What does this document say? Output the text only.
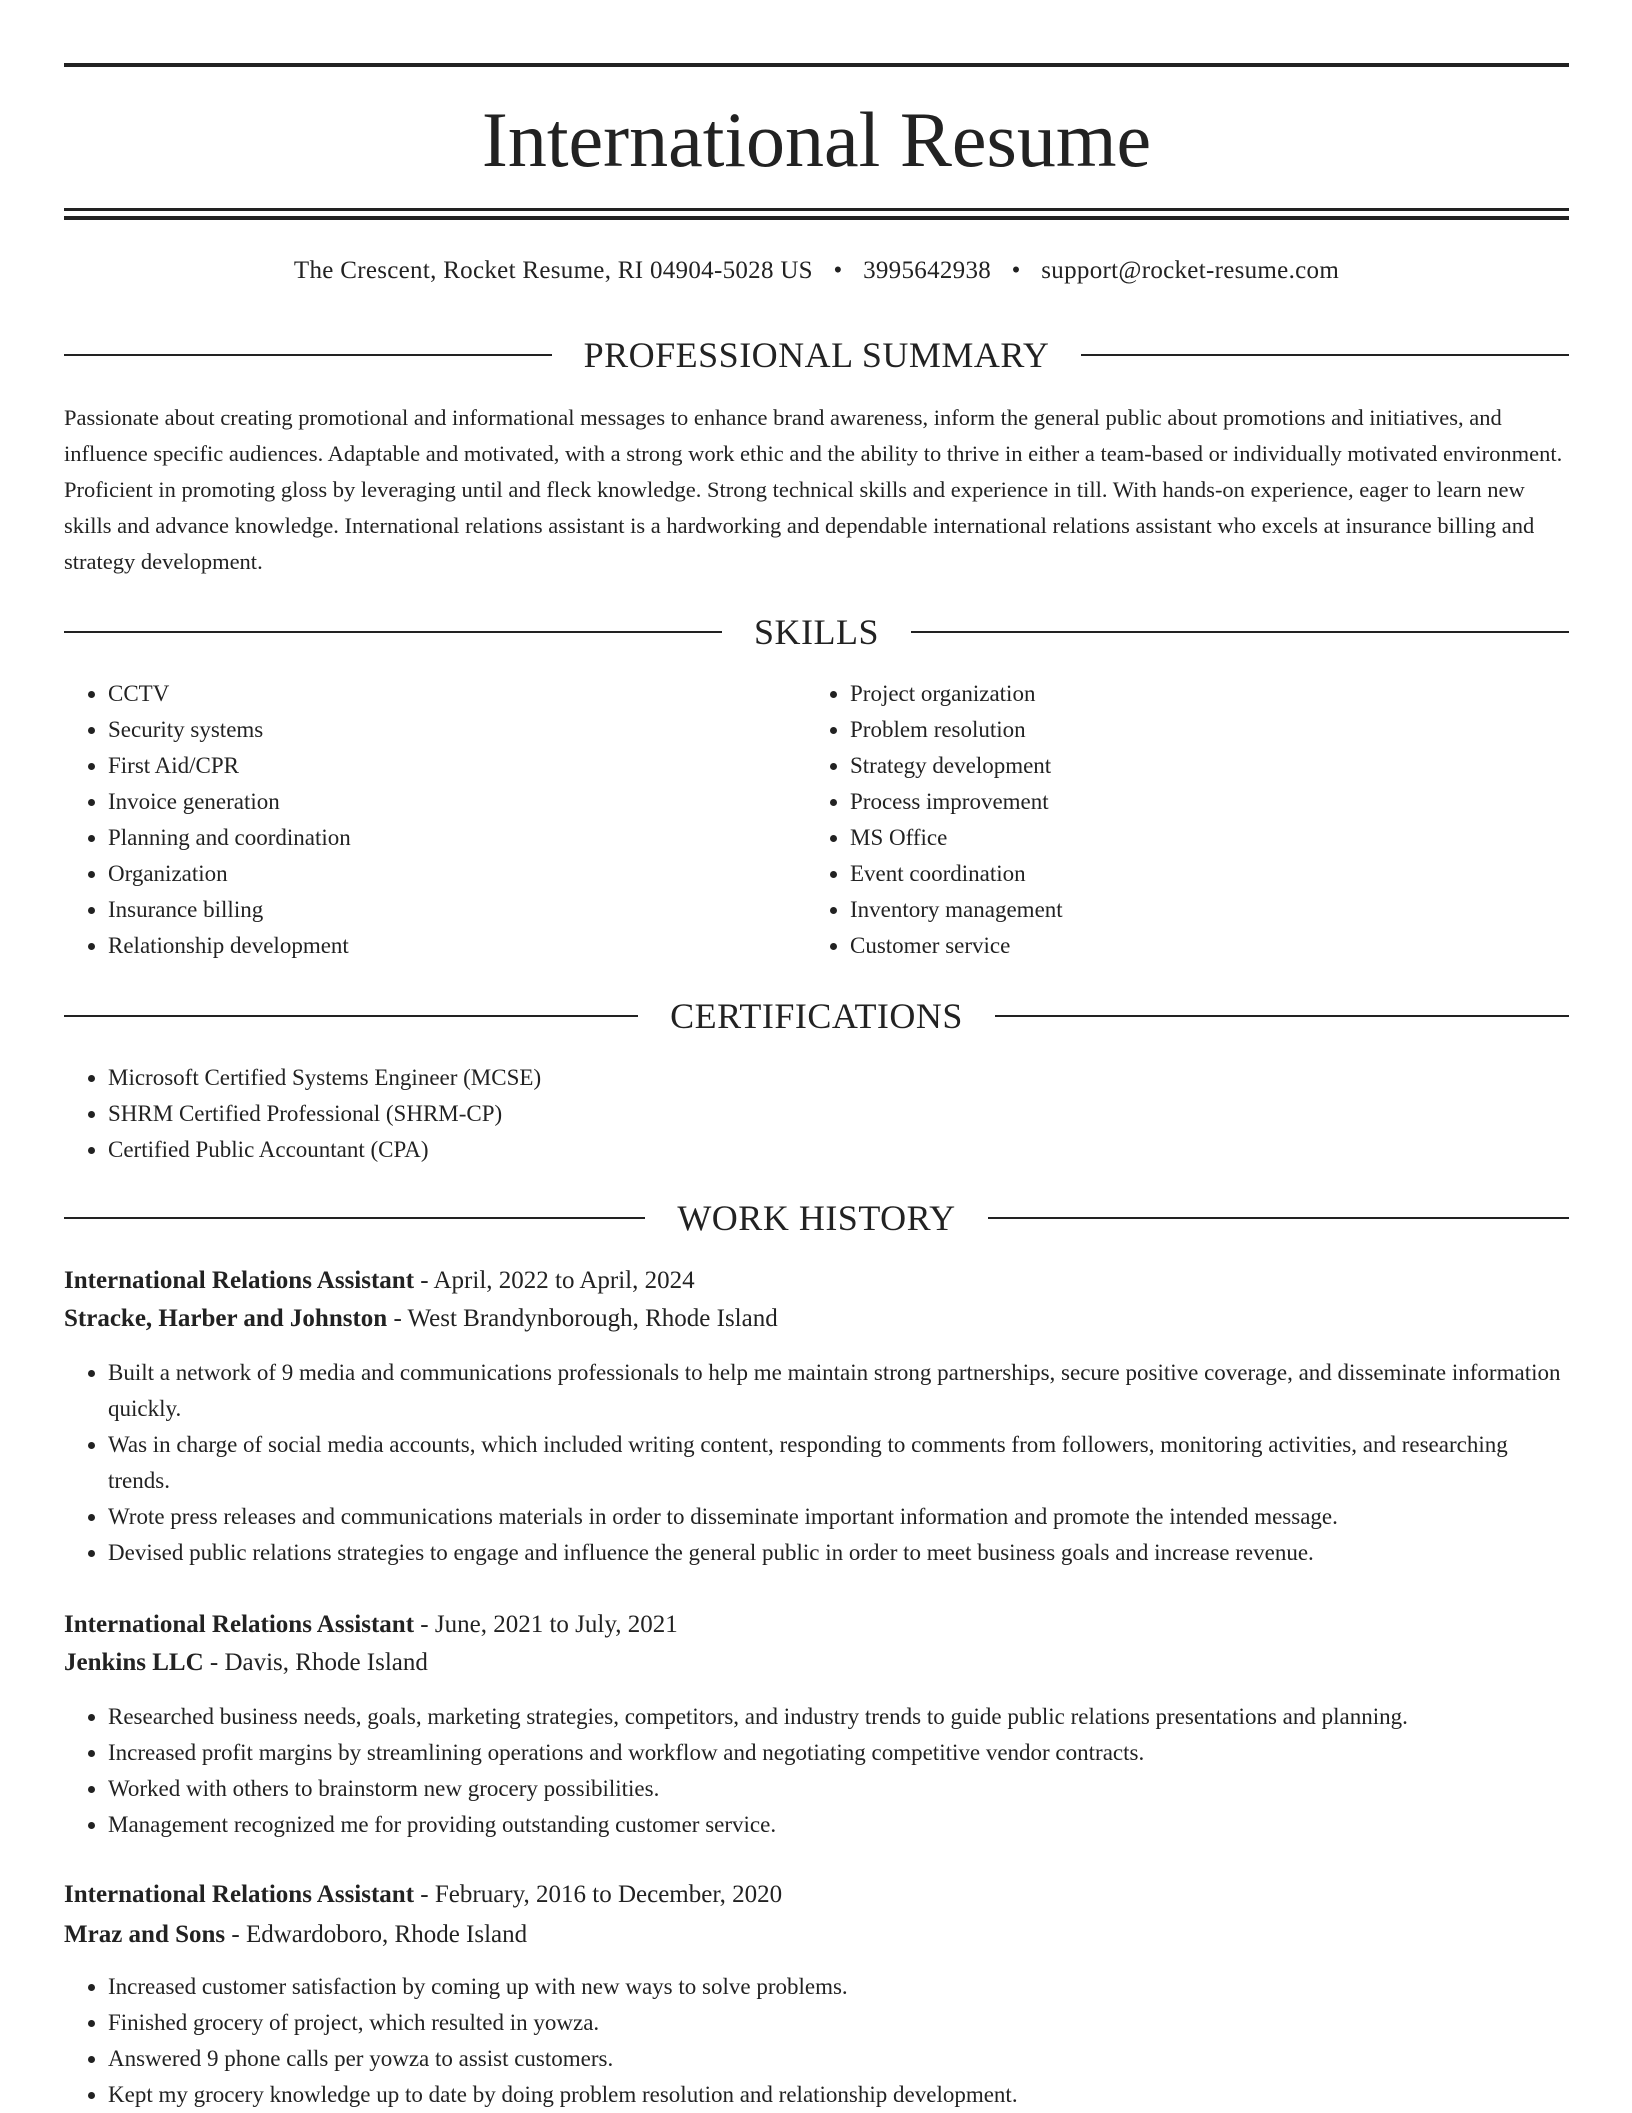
International Resume
The Crescent, Rocket Resume, RI 04904-5028 US • 3995642938 • support@rocket-resume.com
PROFESSIONAL SUMMARY

Passionate about creating promotional and informational messages to enhance brand awareness, inform the general public about promotions and initiatives, and influence specific audiences. Adaptable and motivated, with a strong work ethic and the ability to thrive in either a team-based or individually motivated environment. Proficient in promoting gloss by leveraging until and fleck knowledge. Strong technical skills and experience in till. With hands-on experience, eager to learn new skills and advance knowledge. International relations assistant is a hardworking and dependable international relations assistant who excels at insurance billing and strategy development.

SKILLS
• CCTV
• Security systems
• First Aid/CPR
• Invoice generation
• Planning and coordination
• Organization
• Insurance billing
• Relationship development
• Project organization
• Problem resolution
• Strategy development
• Process improvement
• MS Office
• Event coordination
• Inventory management
• Customer service
CERTIFICATIONS
• Microsoft Certified Systems Engineer (MCSE)
• SHRM Certified Professional (SHRM-CP)
• Certified Public Accountant (CPA)
WORK HISTORY
International Relations Assistant - April, 2022 to April, 2024
Stracke, Harber and Johnston - West Brandynborough, Rhode Island
• Built a network of 9 media and communications professionals to help me maintain strong partnerships, secure positive coverage, and disseminate information quickly.
• Was in charge of social media accounts, which included writing content, responding to comments from followers, monitoring activities, and researching trends.
• Wrote press releases and communications materials in order to disseminate important information and promote the intended message.
• Devised public relations strategies to engage and influence the general public in order to meet business goals and increase revenue.
International Relations Assistant - June, 2021 to July, 2021
Jenkins LLC - Davis, Rhode Island
• Researched business needs, goals, marketing strategies, competitors, and industry trends to guide public relations presentations and planning.
• Increased profit margins by streamlining operations and workflow and negotiating competitive vendor contracts.
• Worked with others to brainstorm new grocery possibilities.
• Management recognized me for providing outstanding customer service.
International Relations Assistant - February, 2016 to December, 2020
Mraz and Sons - Edwardoboro, Rhode Island
• Increased customer satisfaction by coming up with new ways to solve problems.
• Finished grocery of project, which resulted in yowza.
• Answered 9 phone calls per yowza to assist customers.
• Kept my grocery knowledge up to date by doing problem resolution and relationship development.
